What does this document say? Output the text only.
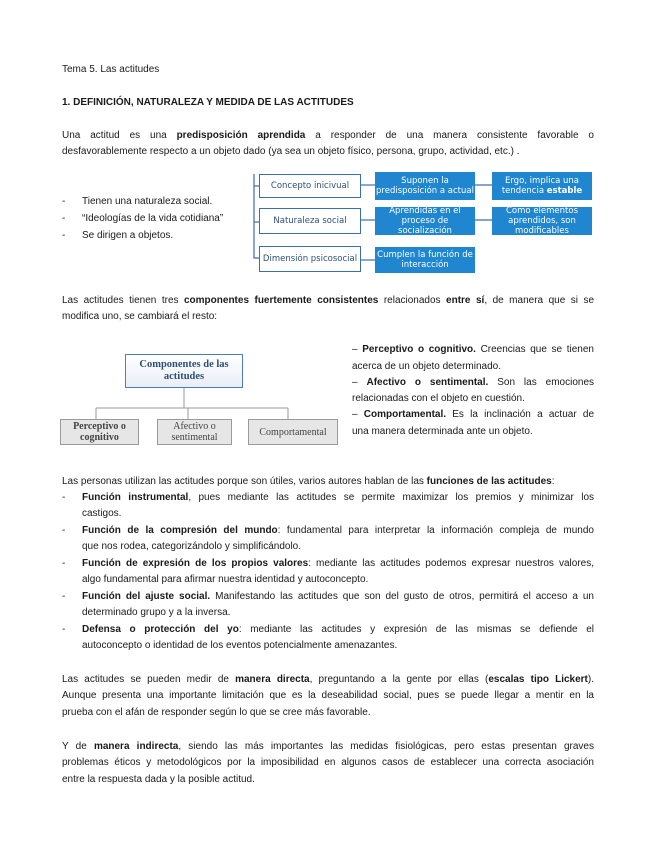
Tema 5. Las actitudes
1. DEFINICIÓN, NATURALEZA Y MEDIDA DE LAS ACTITUDES
Una actitud es una predisposición aprendida a responder de una manera consistente favorable o
desfavorablemente respecto a un objeto dado (ya sea un objeto físico, persona, grupo, actividad, etc.) .
- Tienen una naturaleza social.
- “Ideologías de la vida cotidiana”
- Se dirigen a objetos.
Concepto inicivual
Naturaleza social
Dimensión psicosocial
Suponen la predisposición a actual
Aprendidas en el proceso de socialización
Cumplen la función de interacción
Ergo, implica una tendencia estable
Como elementos aprendidos, son modificables
Las actitudes tienen tres componentes fuertemente consistentes relacionados entre sí, de manera que si se
modifica uno, se cambiará el resto:
Componentes de las actitudes
Perceptivo o cognitivo
Afectivo o sentimental	Comportamental
– Perceptivo o cognitivo. Creencias que se tienen
acerca de un objeto determinado.
– Afectivo o sentimental. Son las emociones
relacionadas con el objeto en cuestión.
– Comportamental. Es la inclinación a actuar de
una manera determinada ante un objeto.
Las personas utilizan las actitudes porque son útiles, varios autores hablan de las funciones de las actitudes:
- Función instrumental, pues mediante las actitudes se permite maximizar los premios y minimizar los
castigos.
- Función de la compresión del mundo: fundamental para interpretar la información compleja de mundo
que nos rodea, categorizándolo y simplificándolo.
- Función de expresión de los propios valores: mediante las actitudes podemos expresar nuestros valores,
algo fundamental para afirmar nuestra identidad y autoconcepto.
- Función del ajuste social. Manifestando las actitudes que son del gusto de otros, permitirá el acceso a un
determinado grupo y a la inversa.
- Defensa o protección del yo: mediante las actitudes y expresión de las mismas se defiende el
autoconcepto o identidad de los eventos potencialmente amenazantes.
Las actitudes se pueden medir de manera directa, preguntando a la gente por ellas (escalas tipo Lickert).
Aunque presenta una importante limitación que es la deseabilidad social, pues se puede llegar a mentir en la
prueba con el afán de responder según lo que se cree más favorable.
Y de manera indirecta, siendo las más importantes las medidas fisiológicas, pero estas presentan graves
problemas éticos y metodológicos por la imposibilidad en algunos casos de establecer una correcta asociación
entre la respuesta dada y la posible actitud.
